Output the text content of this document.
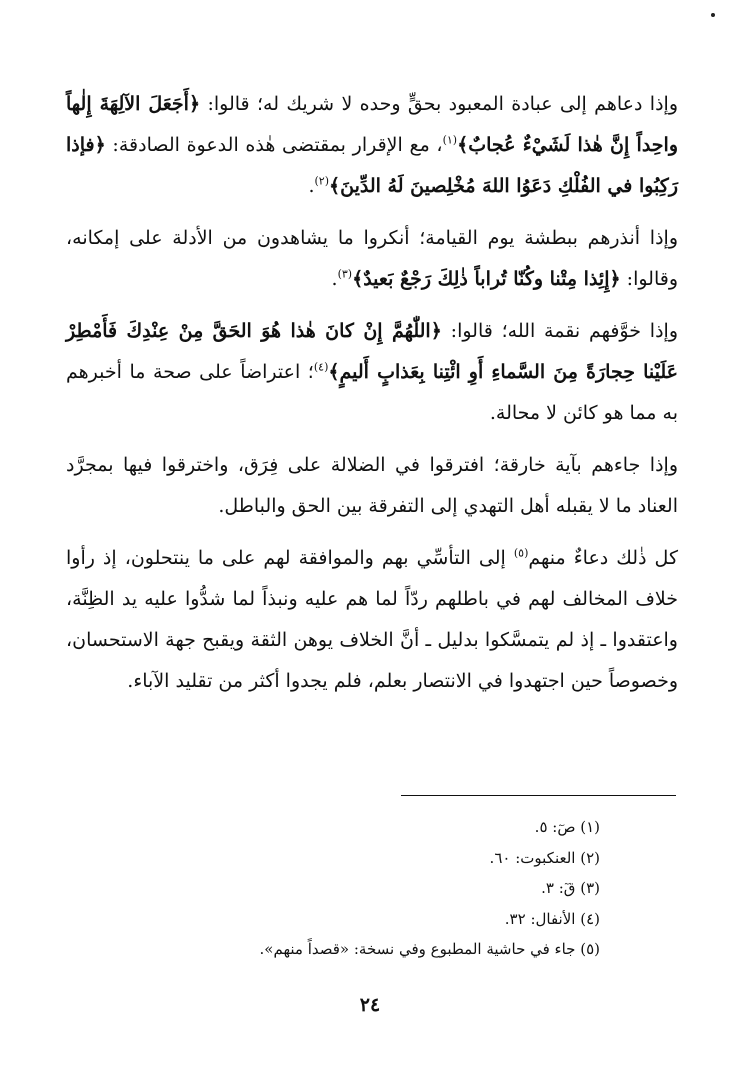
وإذا دعاهم إلى عبادة المعبود بحقٍّ وحده لا شريك له؛ قالوا: ﴿أَجَعَلَ الآلِهَةَ إِلٰهاً واحِداً إِنَّ هٰذا لَشَيْءٌ عُجابٌ﴾$^{(١)}$، مع الإقرار بمقتضى هٰذه الدعوة الصادقة: ﴿فإذا رَكِبُوا في الفُلْكِ دَعَوُا اللهَ مُخْلِصينَ لَهُ الدِّينَ﴾$^{(٢)}$.

وإذا أنذرهم ببطشة يوم القيامة؛ أنكروا ما يشاهدون من الأدلة على إمكانه، وقالوا: ﴿إِئِذا مِتْنا وكُنّا تُراباً ذٰلِكَ رَجْعٌ بَعيدٌ﴾$^{(٣)}$.

وإذا خوَّفهم نقمة الله؛ قالوا: ﴿اللّٰهُمَّ إِنْ كانَ هٰذا هُوَ الحَقَّ مِنْ عِنْدِكَ فَأَمْطِرْ عَلَيْنا حِجارَةً مِنَ السَّماءِ أَوِ ائْتِنا بِعَذابٍ أَليمٍ﴾$^{(٤)}$؛ اعتراضاً على صحة ما أخبرهم به مما هو كائن لا محالة.

وإذا جاءهم بآية خارقة؛ افترقوا في الضلالة على فِرَق، واخترقوا فيها بمجرَّد العناد ما لا يقبله أهل التهدي إلى التفرقة بين الحق والباطل.

كل ذٰلك دعاءٌ منهم$^{(٥)}$ إلى التأسِّي بهم والموافقة لهم على ما ينتحلون، إذ رأوا خلاف المخالف لهم في باطلهم ردّاً لما هم عليه ونبذاً لما شدُّوا عليه يد الظِنَّة، واعتقدوا ـ إذ لم يتمسَّكوا بدليل ـ أنَّ الخلاف يوهن الثقة ويقبح جهة الاستحسان، وخصوصاً حين اجتهدوا في الانتصار بعلم، فلم يجدوا أكثر من تقليد الآباء.

(١) صٓ: ٥.
(٢) العنكبوت: ٦٠.
(٣) قٓ: ٣.
(٤) الأنفال: ٣٢.
(٥) جاء في حاشية المطبوع وفي نسخة: «قصداً منهم».
٢٤
